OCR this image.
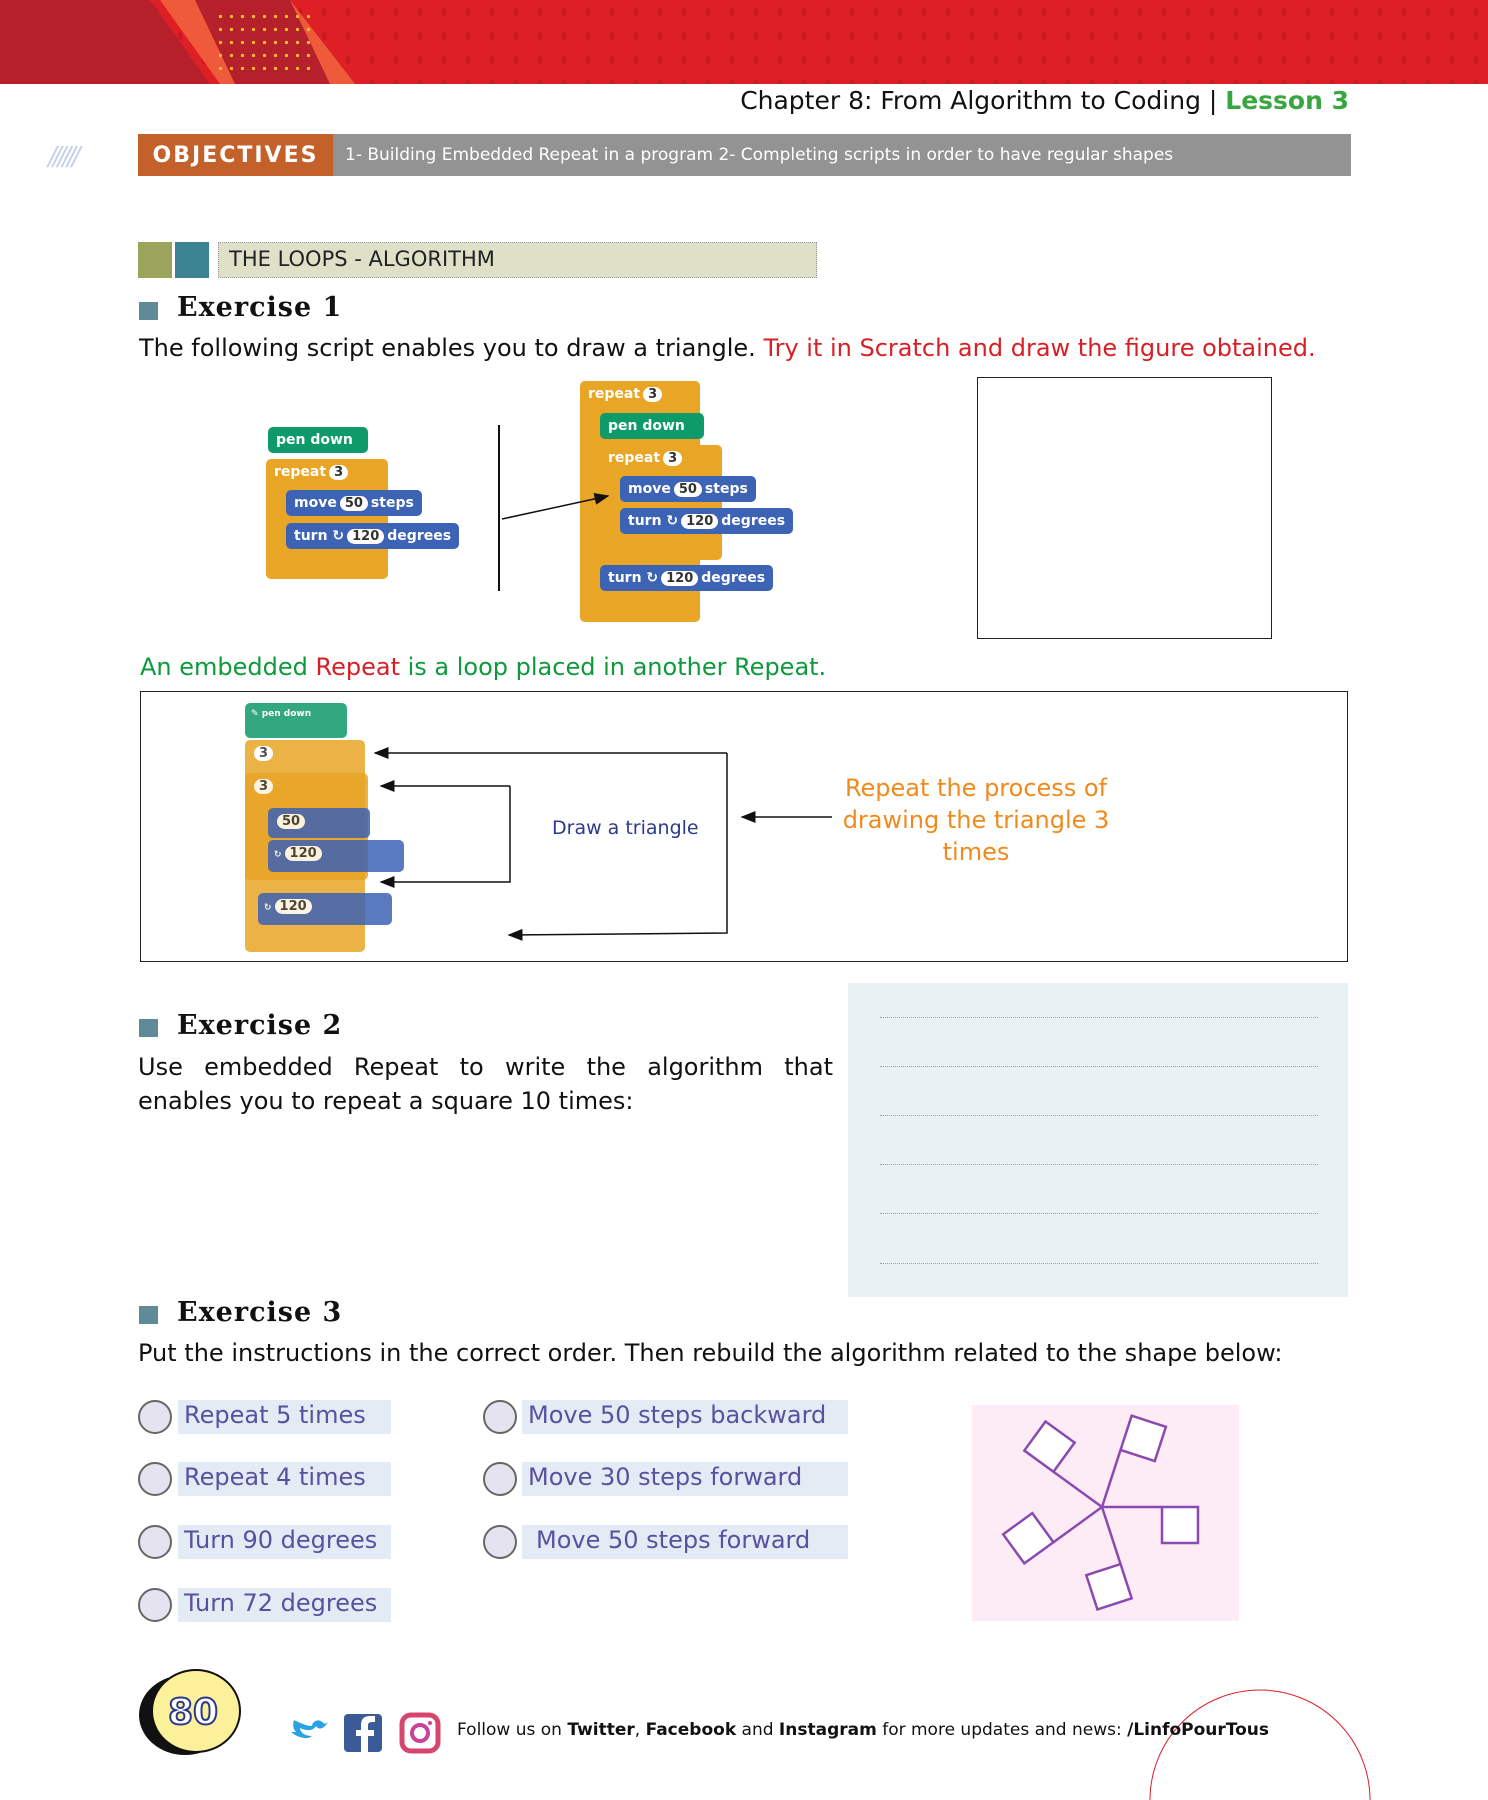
Chapter 8: From Algorithm to Coding | Lesson 3
//////	OBJECTIVES	1- Building Embedded Repeat in a program 2- Completing scripts in order to have regular shapes
THE LOOPS - ALGORITHM
Exercise 1
The following script enables you to draw a triangle. Try it in Scratch and draw the figure obtained.
repeat 3
pen down
move 50 steps
turn ↻ 120 degrees
repeat 3
pen down
repeat 3
move 50 steps
turn ↻ 120 degrees
turn ↻ 120 degrees
An embedded Repeat is a loop placed in another Repeat.
3
✎ pen down
3
50
↻ 120
↻ 120
Draw a triangle
Repeat the process of drawing the triangle 3 times
Exercise 2
Use embedded Repeat to write the algorithm that enables you to repeat a square 10 times:
Exercise 3
Put the instructions in the correct order. Then rebuild the algorithm related to the shape below:
Repeat 5 times
Repeat 4 times
Turn 90 degrees
Turn 72 degrees
Move 50 steps backward
Move 30 steps forward
Move 50 steps forward
80	Follow us on Twitter, Facebook and Instagram for more updates and news: /LinfoPourTous
